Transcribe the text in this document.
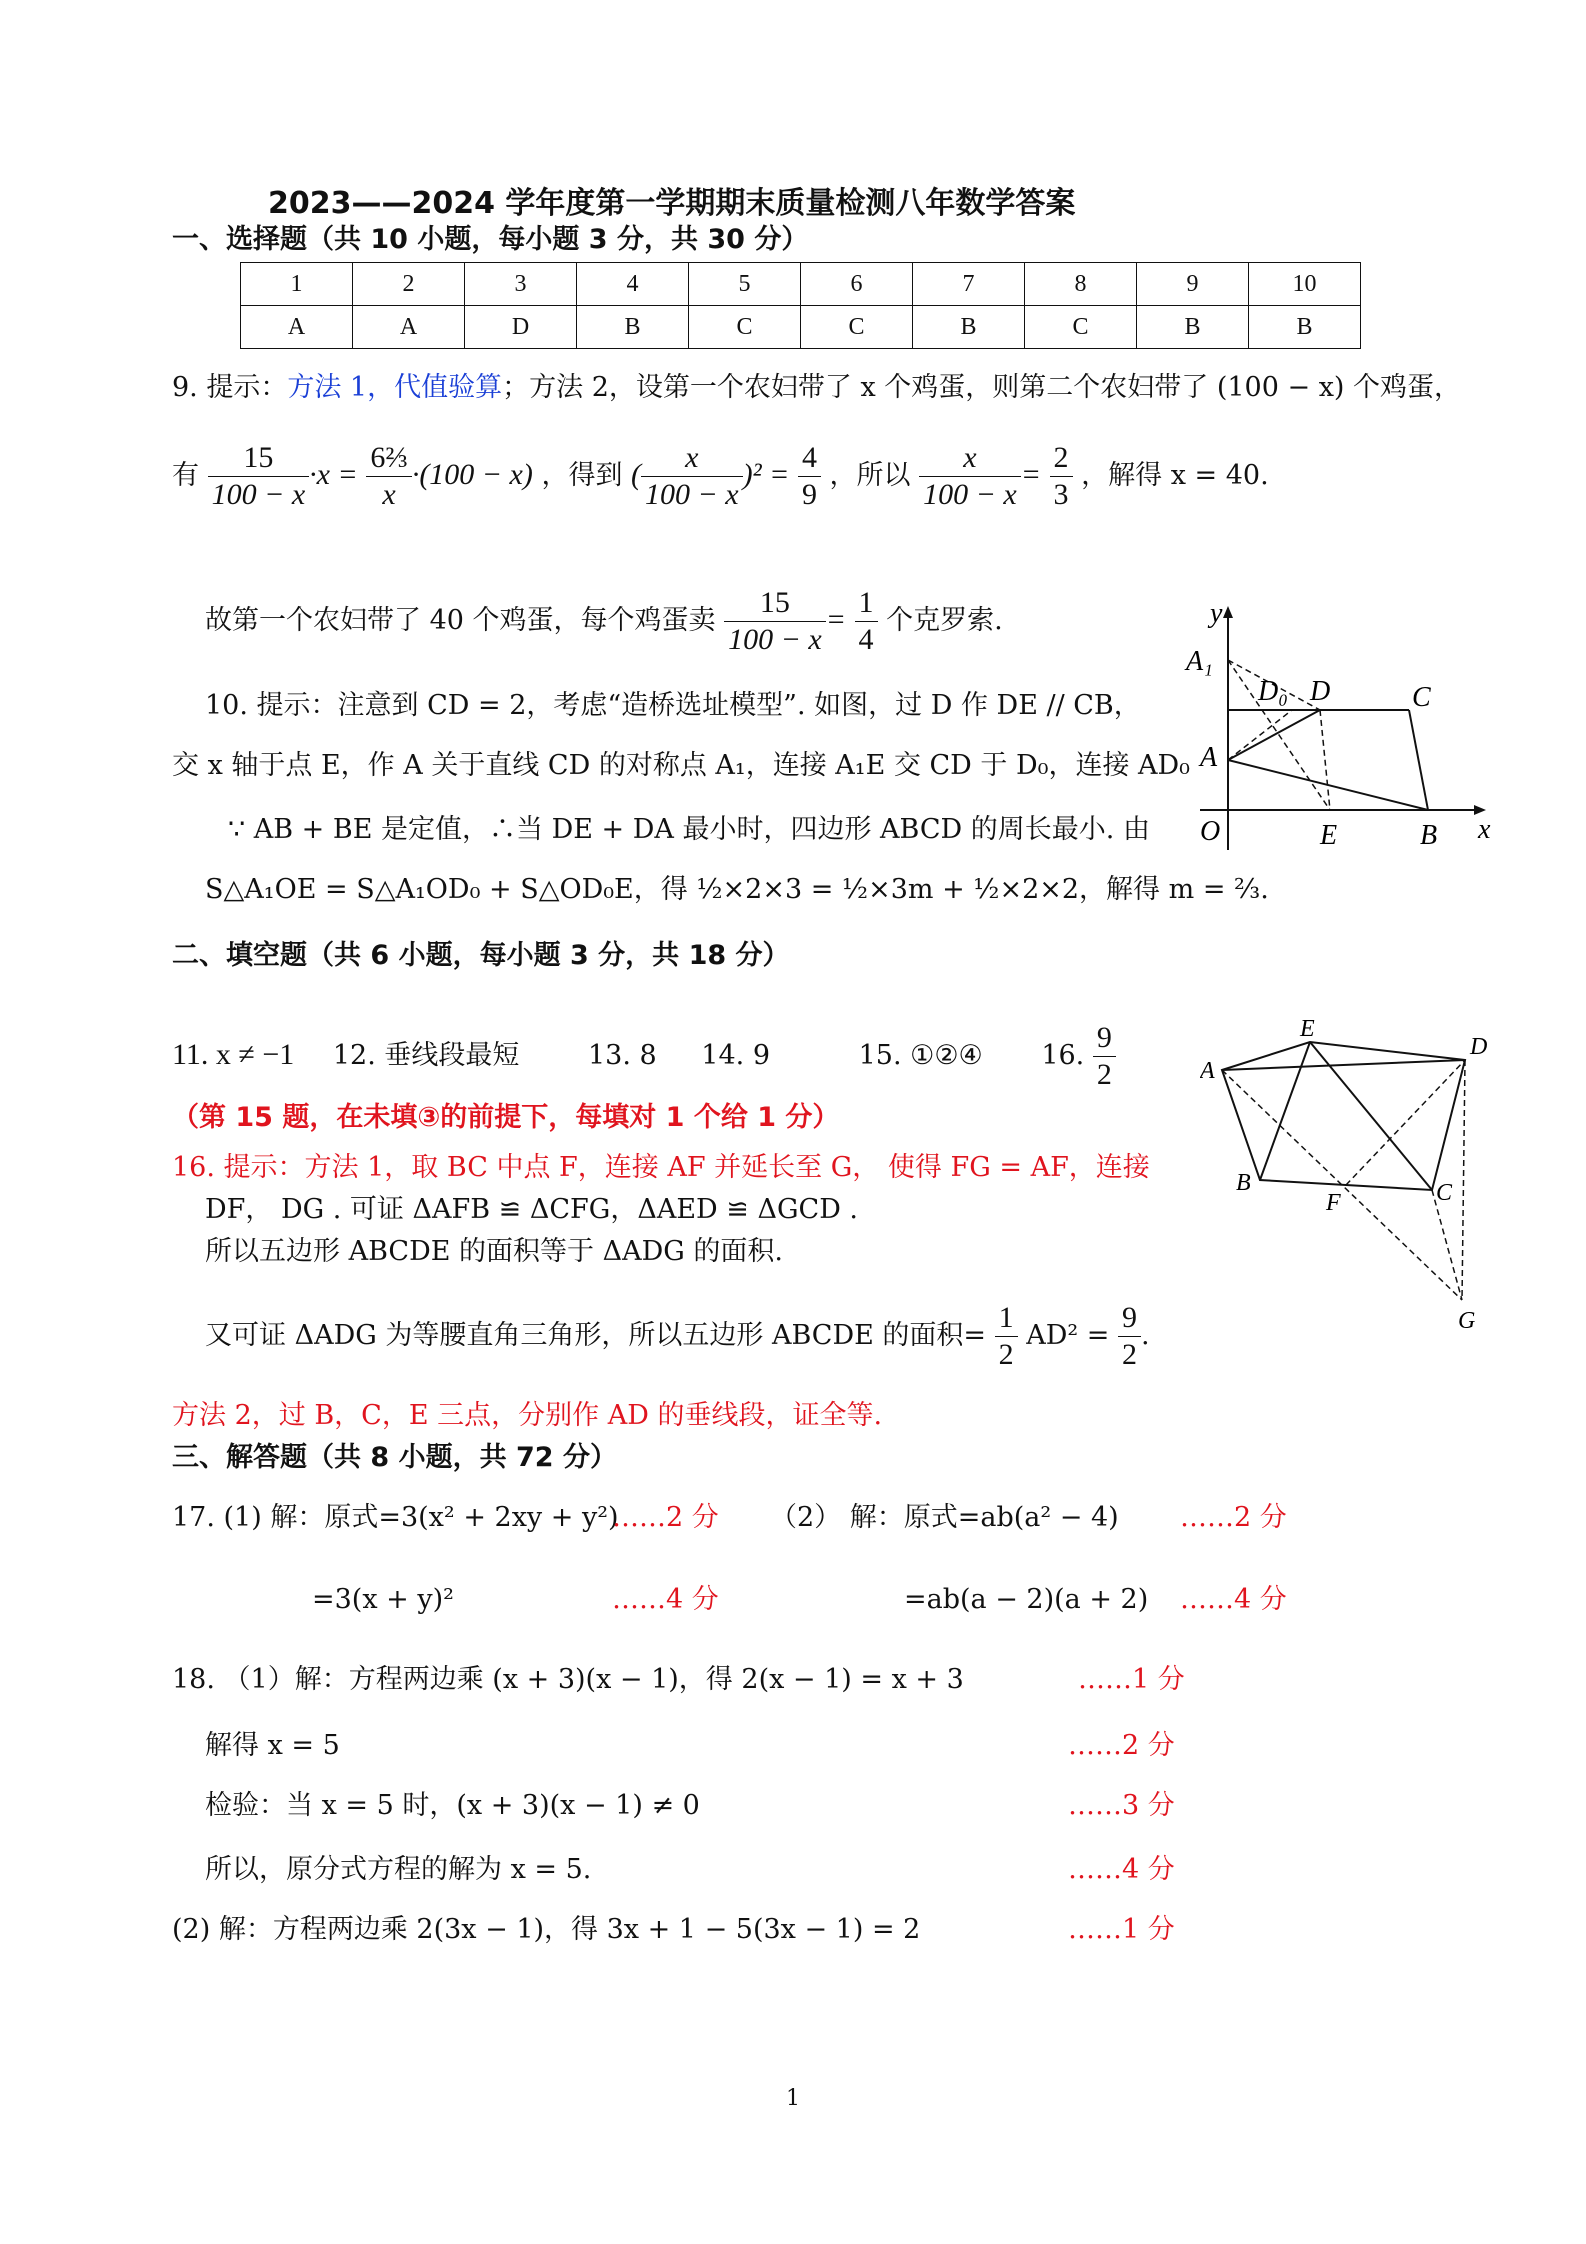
2023——2024 学年度第一学期期末质量检测八年数学答案
一、选择题（共 10 小题，每小题 3 分，共 30 分）
1	2	3	4	5	6	7	8	9	10
A	A	D	B	C	C	B	C	B	B
9. 提示：方法 1，代值验算；方法 2，设第一个农妇带了 x 个鸡蛋，则第二个农妇带了 (100 − x) 个鸡蛋，
有 $\frac{15}{100 - x} \cdot x = \frac{\text{6⅔}}{x} \cdot(100 - x)$ ，得到 ( $\frac{x}{100 - x} )^2 = \frac{4}{9}$ ，所以 $\frac{x}{100 - x} = \frac{2}{3}$ ，解得 x = 40.
故第一个农妇带了 40 个鸡蛋，每个鸡蛋卖 $\frac{15}{100 - x} = \frac{1}{4}$ 个克罗索.
10. 提示：注意到 CD = 2，考虑“造桥选址模型”. 如图，过 D 作 DE // CB，
交 x 轴于点 E，作 A 关于直线 CD 的对称点 A₁，连接 A₁E 交 CD 于 D₀，连接 AD₀
∵ AB + BE 是定值，∴当 DE + DA 最小时，四边形 ABCD 的周长最小. 由
S△A₁OE = S△A₁OD₀ + S△OD₀E，得 ½×2×3 = ½×3m + ½×2×2，解得 m = ⅔.
y
x
A₁
D₀ D	C
A
O	E	B
二、填空题（共 6 小题，每小题 3 分，共 18 分）
11. x ≠ −1 12. 垂线段最短	13. 8 14. 9	15. ①②④ 16. $\frac{9}{2}$
（第 15 题，在未填③的前提下，每填对 1 个给 1 分）
16. 提示：方法 1，取 BC 中点 F，连接 AF 并延长至 G， 使得 FG = AF，连接
DF， DG . 可证 ΔAFB ≌ ΔCFG，ΔAED ≌ ΔGCD .
所以五边形 ABCDE 的面积等于 ΔADG 的面积.
又可证 ΔADG 为等腰直角三角形，所以五边形 ABCDE 的面积= $\frac{1}{2} AD^2 = \frac{9}{2}$ .
方法 2，过 B，C，E 三点，分别作 AD 的垂线段，证全等.
E
D
A
B
F	C
G
三、解答题（共 8 小题，共 72 分）
17. (1) 解：原式=3(x² + 2xy + y²)
……2 分 （2） 解：原式=ab(a² − 4) ……2 分
=3(x + y)²	……4 分	=ab(a − 2)(a + 2) ……4 分
18. （1）解：方程两边乘 (x + 3)(x − 1)，得 2(x − 1) = x + 3	……1 分
解得 x = 5	……2 分
检验：当 x = 5 时，(x + 3)(x − 1) ≠ 0	……3 分
所以，原分式方程的解为 x = 5.	……4 分
(2) 解：方程两边乘 2(3x − 1)，得 3x + 1 − 5(3x − 1) = 2	……1 分
1
